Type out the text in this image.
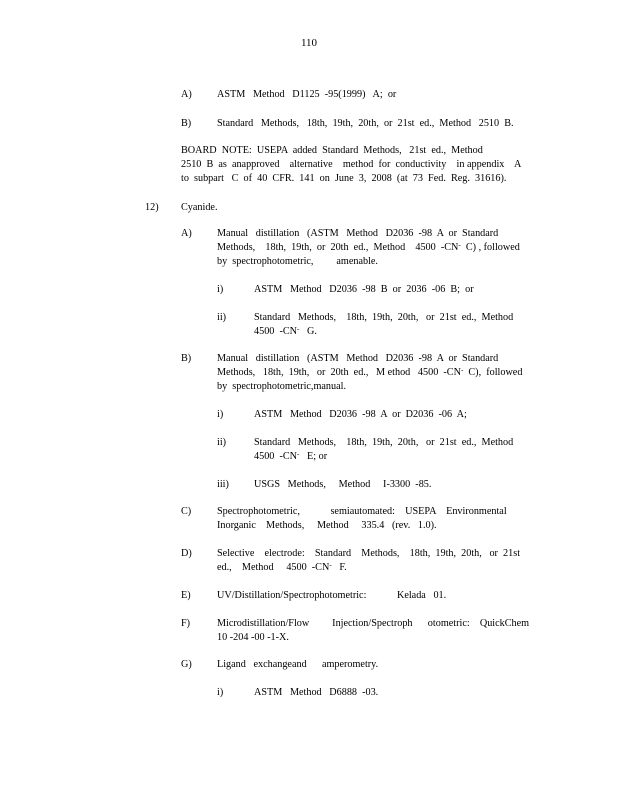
110
A) ASTM   Method   D1125  -95(1999)   A;  or
B)	Standard   Methods,   18th,  19th,  20th,  or  21st  ed.,  Method   2510  B.
BOARD  NOTE:  USEPA  added  Standard  Methods,   21st  ed.,  Method
2510  B  as  anapproved    alternative    method  for  conductivity    in appendix    A
to  subpart   C  of  40  CFR.  141  on  June  3,  2008  (at  73  Fed.  Reg.  31616).
12) Cyanide.
A) Manual   distillation   (ASTM   Method   D2036  -98  A  or  Standard
Methods,    18th,  19th,  or  20th  ed.,  Method    4500  -CN-  C) , followed
by  spectrophotometric,         amenable.
i)	ASTM   Method   D2036  -98  B  or  2036  -06  B;  or
ii)	Standard   Methods,    18th,  19th,  20th,   or  21st  ed.,  Method
4500  -CN-   G.
B)	Manual   distillation   (ASTM   Method   D2036  -98  A  or  Standard
Methods,   18th,  19th,   or  20th  ed.,   M ethod   4500  -CN-  C),  followed
by  spectrophotometric,manual.
i)	ASTM   Method   D2036  -98  A  or  D2036  -06  A;
ii)	Standard   Methods,    18th,  19th,  20th,   or  21st  ed.,  Method
4500  -CN-   E; or
iii) USGS   Methods,     Method     I-3300  -85.
C)	Spectrophotometric,            semiautomated:    USEPA    Environmental
Inorganic    Methods,     Method     335.4   (rev.   1.0).
D) Selective    electrode:    Standard    Methods,    18th,  19th,  20th,   or  21st
ed.,    Method     4500  -CN-   F.
E)	UV/Distillation/Spectrophotometric:            Kelada   01.
F)	Microdistillation/Flow         Injection/Spectroph      otometric:    QuickChem
10 -204 -00 -1-X.
G) Ligand   exchangeand      amperometry.
i)	ASTM   Method   D6888  -03.
